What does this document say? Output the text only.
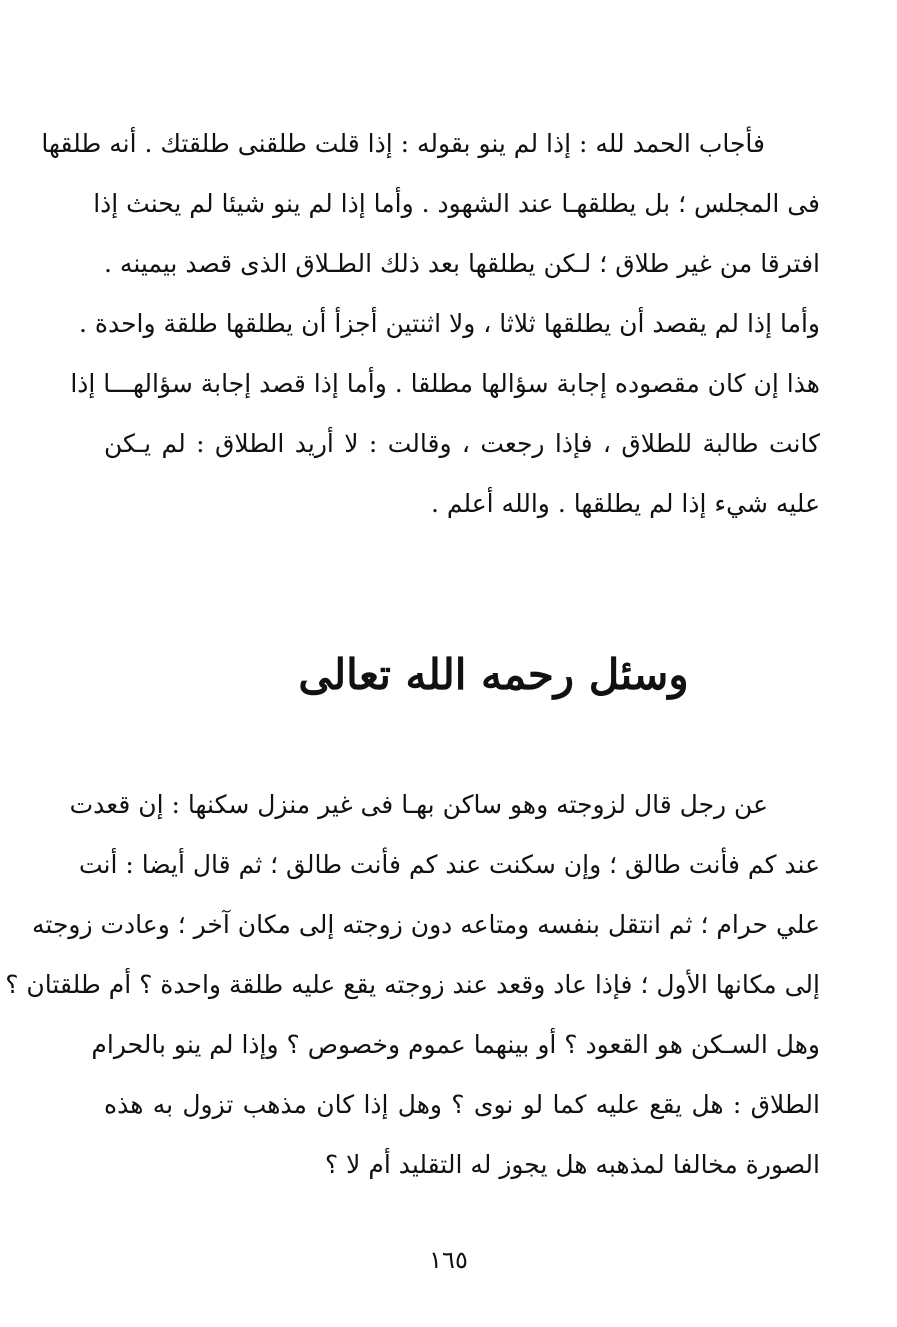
فأجاب الحمد لله : إذا لم ينو بقوله : إذا قلت طلقنى طلقتك . أنه طلقها
فى المجلس ؛ بل يطلقهـا عند الشهود . وأما إذا لم ينو شيئا لم يحنث إذا
افترقا من غير طلاق ؛ لـكن يطلقها بعد ذلك الطـلاق الذى قصد بيمينه .
وأما إذا لم يقصد أن يطلقها ثلاثا ، ولا اثنتين أجزأ أن يطلقها طلقة واحدة .
هذا إن كان مقصوده إجابة سؤالها مطلقا . وأما إذا قصد إجابة سؤالهـــا إذا
كانت طالبة للطلاق ، فإذا رجعت ، وقالت : لا أريد الطلاق : لم يـكن
عليه شيء إذا لم يطلقها . والله أعلم .
وسئل رحمه الله تعالى
عن رجل قال لزوجته وهو ساكن بهـا فى غير منزل سكنها : إن قعدت
عند كم فأنت طالق ؛ وإن سكنت عند كم فأنت طالق ؛ ثم قال أيضا : أنت
علي حرام ؛ ثم انتقل بنفسه ومتاعه دون زوجته إلى مكان آخر ؛ وعادت زوجته
إلى مكانها الأول ؛ فإذا عاد وقعد عند زوجته يقع عليه طلقة واحدة ؟ أم طلقتان ؟
وهل السـكن هو القعود ؟ أو بينهما عموم وخصوص ؟ وإذا لم ينو بالحرام
الطلاق : هل يقع عليه كما لو نوى ؟ وهل إذا كان مذهب تزول به هذه
الصورة مخالفا لمذهبه هل يجوز له التقليد أم لا ؟
١٦٥
